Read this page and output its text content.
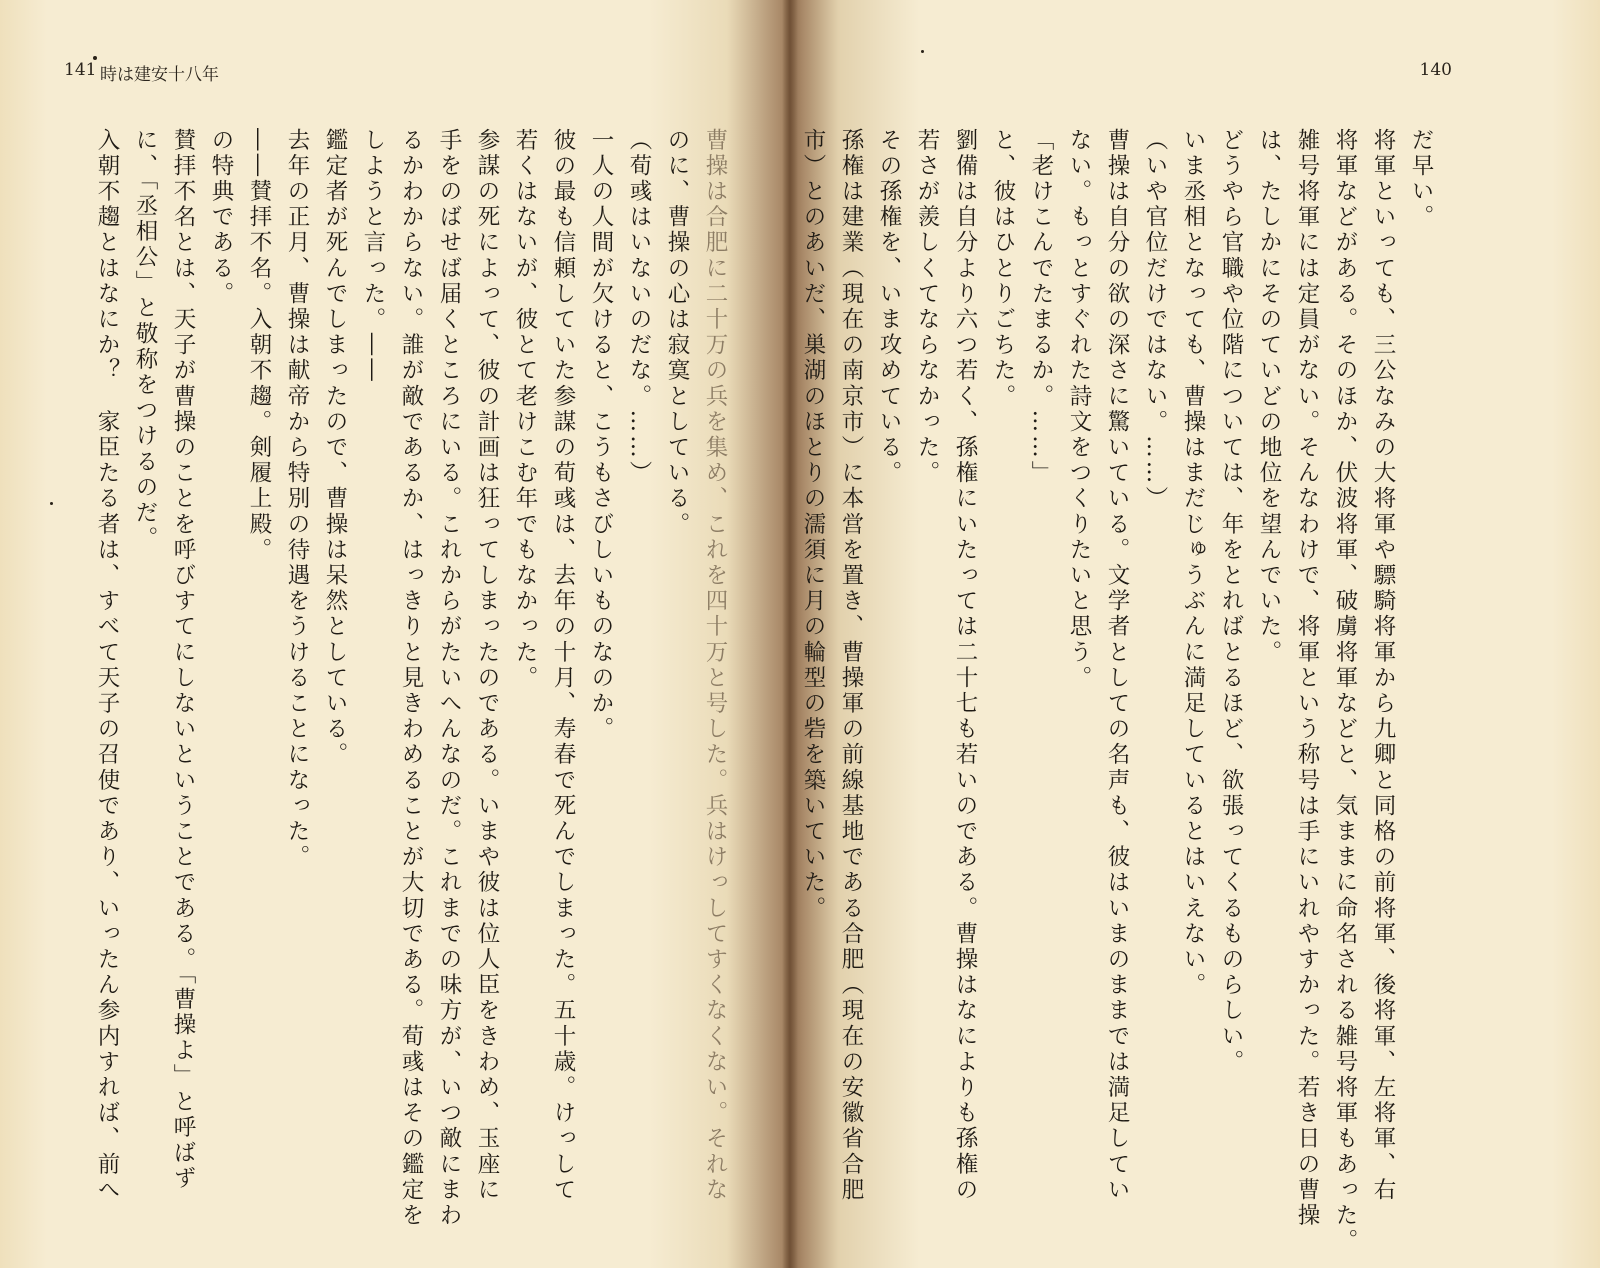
141 時は建安十八年
曹操は合肥に二十万の兵を集め、これを四十万と号した。兵はけっしてすくなくない。それな
のに、曹操の心は寂寞としている。
（荀彧はいないのだな。……）
一人の人間が欠けると、こうもさびしいものなのか。
彼の最も信頼していた参謀の荀彧は、去年の十月、寿春で死んでしまった。五十歳。けっして
若くはないが、彼とて老けこむ年でもなかった。
参謀の死によって、彼の計画は狂ってしまったのである。いまや彼は位人臣をきわめ、玉座に
手をのばせば届くところにいる。これからがたいへんなのだ。これまでの味方が、いつ敵にまわ
るかわからない。誰が敵であるか、はっきりと見きわめることが大切である。荀彧はその鑑定を
しようと言った。――
鑑定者が死んでしまったので、曹操は呆然としている。
去年の正月、曹操は献帝から特別の待遇をうけることになった。
――賛拝不名。入朝不趨。剣履上殿。
の特典である。
賛拝不名とは、天子が曹操のことを呼びすてにしないということである。「曹操よ」と呼ばず
に、「丞相公」と敬称をつけるのだ。
入朝不趨とはなにか？　家臣たる者は、すべて天子の召使であり、いったん参内すれば、前へ
140
だ早い。
将軍といっても、三公なみの大将軍や驃騎将軍から九卿と同格の前将軍、後将軍、左将軍、右
将軍などがある。そのほか、伏波将軍、破虜将軍などと、気ままに命名される雑号将軍もあった。
雑号将軍には定員がない。そんなわけで、将軍という称号は手にいれやすかった。若き日の曹操
は、たしかにそのていどの地位を望んでいた。
どうやら官職や位階については、年をとればとるほど、欲張ってくるものらしい。
いま丞相となっても、曹操はまだじゅうぶんに満足しているとはいえない。
（いや官位だけではない。……）
曹操は自分の欲の深さに驚いている。文学者としての名声も、彼はいまのままでは満足してい
ない。もっとすぐれた詩文をつくりたいと思う。
「老けこんでたまるか。……」
と、彼はひとりごちた。
劉備は自分より六つ若く、孫権にいたっては二十七も若いのである。曹操はなによりも孫権の
若さが羨しくてならなかった。
その孫権を、いま攻めている。
孫権は建業（現在の南京市）に本営を置き、曹操軍の前線基地である合肥（現在の安徽省合肥
市）とのあいだ、巣湖のほとりの濡須に月の輪型の砦を築いていた。
